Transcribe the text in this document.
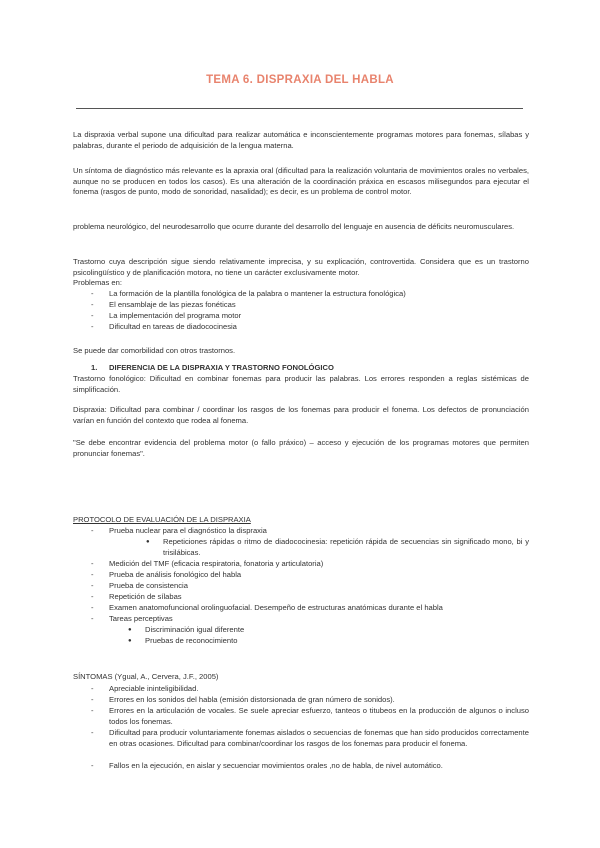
TEMA 6. DISPRAXIA DEL HABLA

La dispraxia verbal supone una dificultad para realizar automática e inconscientemente programas motores para fonemas, sílabas y palabras, durante el periodo de adquisición de la lengua materna.

Un síntoma de diagnóstico más relevante es la apraxia oral (dificultad para la realización voluntaria de movimientos orales no verbales, aunque no se producen en todos los casos). Es una alteración de la coordinación práxica en escasos milisegundos para ejecutar el fonema (rasgos de punto, modo de sonoridad, nasalidad); es decir, es un problema de control motor.

problema neurológico, del neurodesarrollo que ocurre durante del desarrollo del lenguaje en ausencia de déficits neuromusculares.

Trastorno cuya descripción sigue siendo relativamente imprecisa, y su explicación, controvertida. Considera que es un trastorno psicolingüístico y de planificación motora, no tiene un carácter exclusivamente motor.

Problemas en:
- La formación de la plantilla fonológica de la palabra o mantener la estructura fonológica)
- El ensamblaje de las piezas fonéticas
- La implementación del programa motor
- Dificultad en tareas de diadococinesia
Se puede dar comorbilidad con otros trastornos.
1. DIFERENCIA DE LA DISPRAXIA Y TRASTORNO FONOLÓGICO

Trastorno fonológico: Dificultad en combinar fonemas para producir las palabras. Los errores responden a reglas sistémicas de simplificación.

Dispraxia: Dificultad para combinar / coordinar los rasgos de los fonemas para producir el fonema. Los defectos de pronunciación varían en función del contexto que rodea al fonema.

"Se debe encontrar evidencia del problema motor (o fallo práxico) – acceso y ejecución de los programas motores que permiten pronunciar fonemas".

PROTOCOLO DE EVALUACIÓN DE LA DISPRAXIA
- Prueba nuclear para el diagnóstico la dispraxia
● Repeticiones rápidas o ritmo de diadococinesia: repetición rápida de secuencias sin significado mono, bi y trisilábicas.
- Medición del TMF (eficacia respiratoria, fonatoria y articulatoria)
- Prueba de análisis fonológico del habla
- Prueba de consistencia
- Repetición de sílabas
- Examen anatomofuncional orolinguofacial. Desempeño de estructuras anatómicas durante el habla
- Tareas perceptivas
● Discriminación igual diferente
● Pruebas de reconocimiento
SÍNTOMAS (Ygual, A., Cervera, J.F., 2005)
- Apreciable ininteligibilidad.
- Errores en los sonidos del habla (emisión distorsionada de gran número de sonidos).
- Errores en la articulación de vocales. Se suele apreciar esfuerzo, tanteos o titubeos en la producción de algunos o incluso todos los fonemas.
- Dificultad para producir voluntariamente fonemas aislados o secuencias de fonemas que han sido producidos correctamente en otras ocasiones. Dificultad para combinar/coordinar los rasgos de los fonemas para producir el fonema.
- Fallos en la ejecución, en aislar y secuenciar movimientos orales ,no de habla, de nivel automático.
